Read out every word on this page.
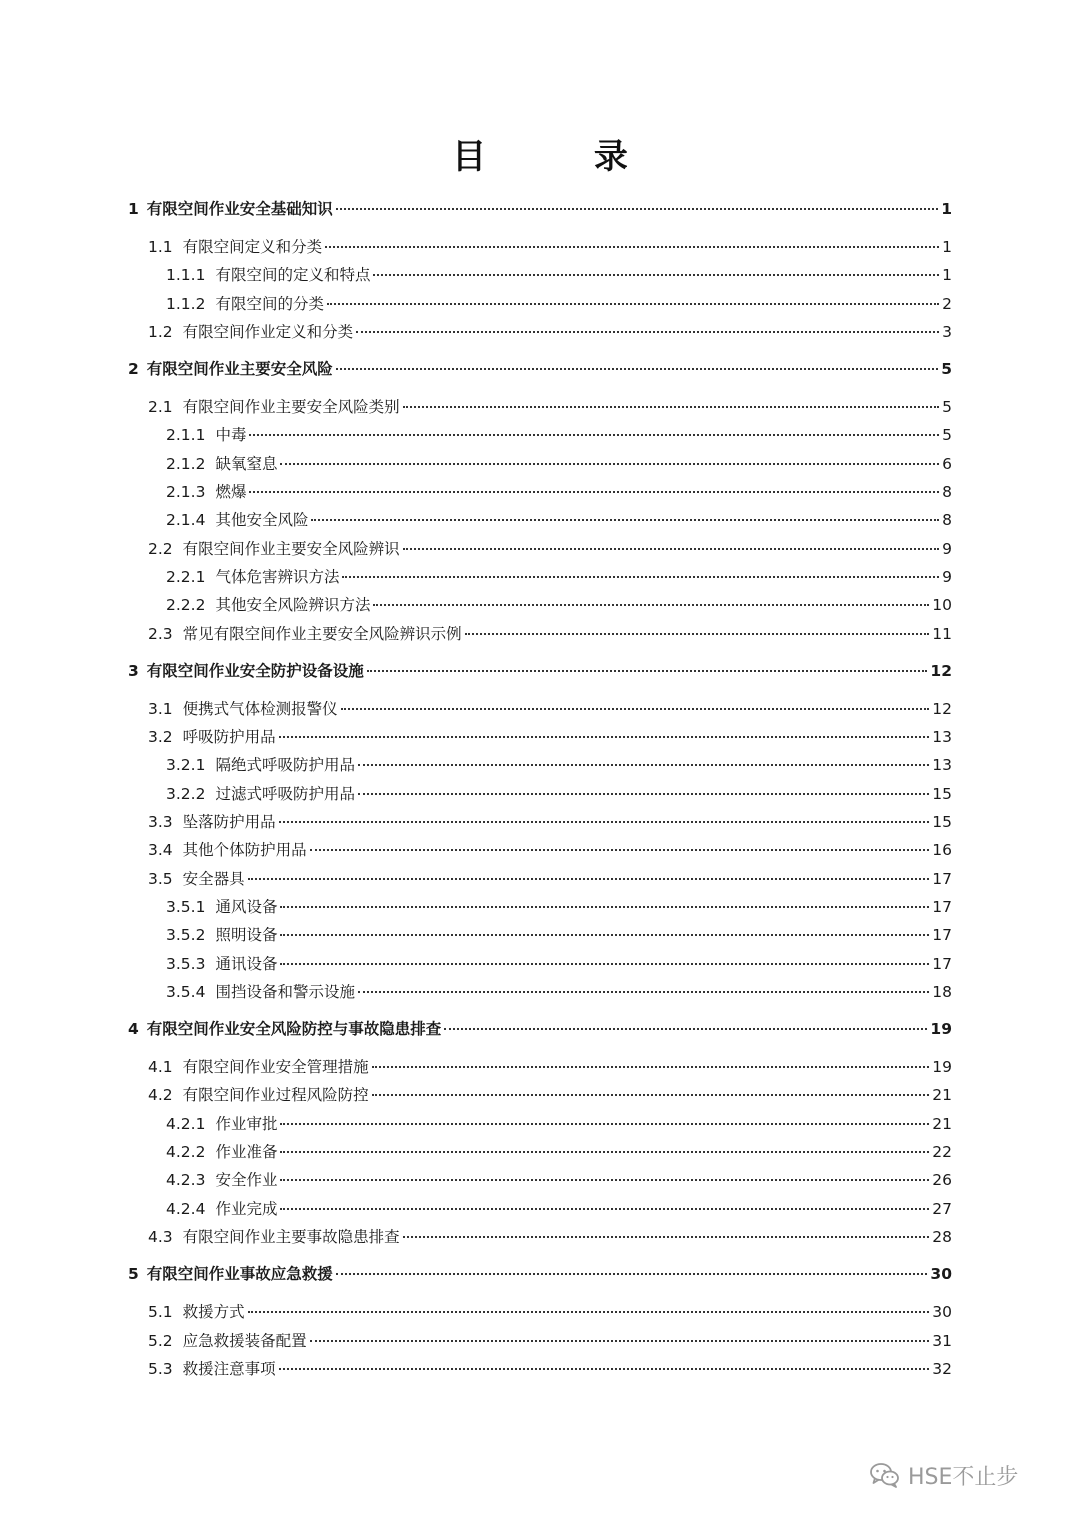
目 录
1 有限空间作业安全基础知识	1
1.1 有限空间定义和分类	1
1.1.1 有限空间的定义和特点	1
1.1.2 有限空间的分类	2
1.2 有限空间作业定义和分类	3
2 有限空间作业主要安全风险	5
2.1 有限空间作业主要安全风险类别	5
2.1.1 中毒	5
2.1.2 缺氧窒息	6
2.1.3 燃爆	8
2.1.4 其他安全风险	8
2.2 有限空间作业主要安全风险辨识	9
2.2.1 气体危害辨识方法	9
2.2.2 其他安全风险辨识方法	10
2.3 常见有限空间作业主要安全风险辨识示例	11
3 有限空间作业安全防护设备设施	12
3.1 便携式气体检测报警仪	12
3.2 呼吸防护用品	13
3.2.1 隔绝式呼吸防护用品	13
3.2.2 过滤式呼吸防护用品	15
3.3 坠落防护用品	15
3.4 其他个体防护用品	16
3.5 安全器具	17
3.5.1 通风设备	17
3.5.2 照明设备	17
3.5.3 通讯设备	17
3.5.4 围挡设备和警示设施	18
4 有限空间作业安全风险防控与事故隐患排查	19
4.1 有限空间作业安全管理措施	19
4.2 有限空间作业过程风险防控	21
4.2.1 作业审批	21
4.2.2 作业准备	22
4.2.3 安全作业	26
4.2.4 作业完成	27
4.3 有限空间作业主要事故隐患排查	28
5 有限空间作业事故应急救援	30
5.1 救援方式	30
5.2 应急救援装备配置	31
5.3 救援注意事项	32
HSE不止步
